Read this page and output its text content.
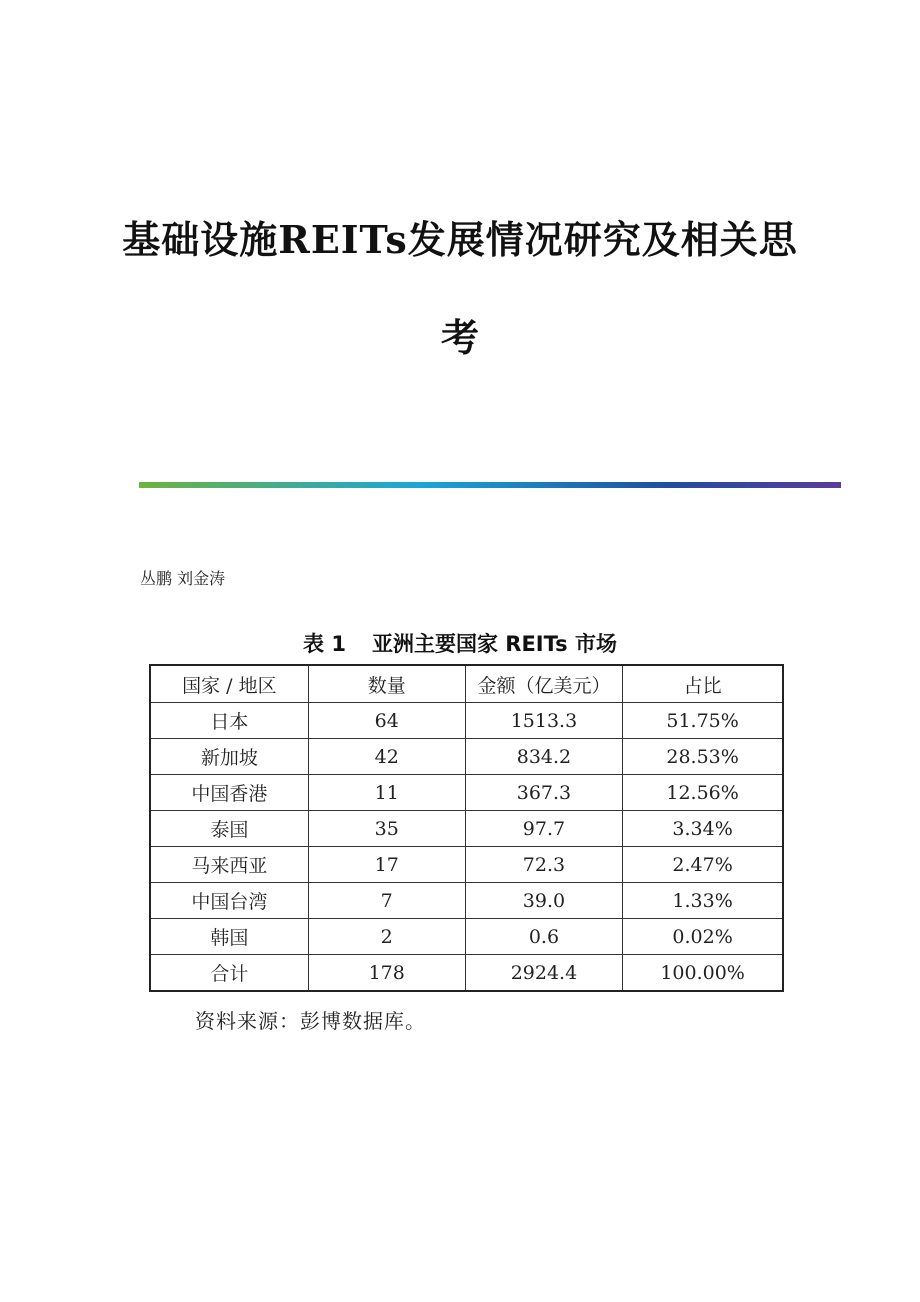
基础设施REITs发展情况研究及相关思
考
丛鹏 刘金涛
表 1 亚洲主要国家 REITs 市场
国家 / 地区	数量	金额（亿美元）	占比
日本	64	1513.3	51.75%
新加坡	42	834.2	28.53%
中国香港	11	367.3	12.56%
泰国	35	97.7	3.34%
马来西亚	17	72.3	2.47%
中国台湾	7	39.0	1.33%
韩国	2	0.6	0.02%
合计	178	2924.4	100.00%
资料来源：彭博数据库。
